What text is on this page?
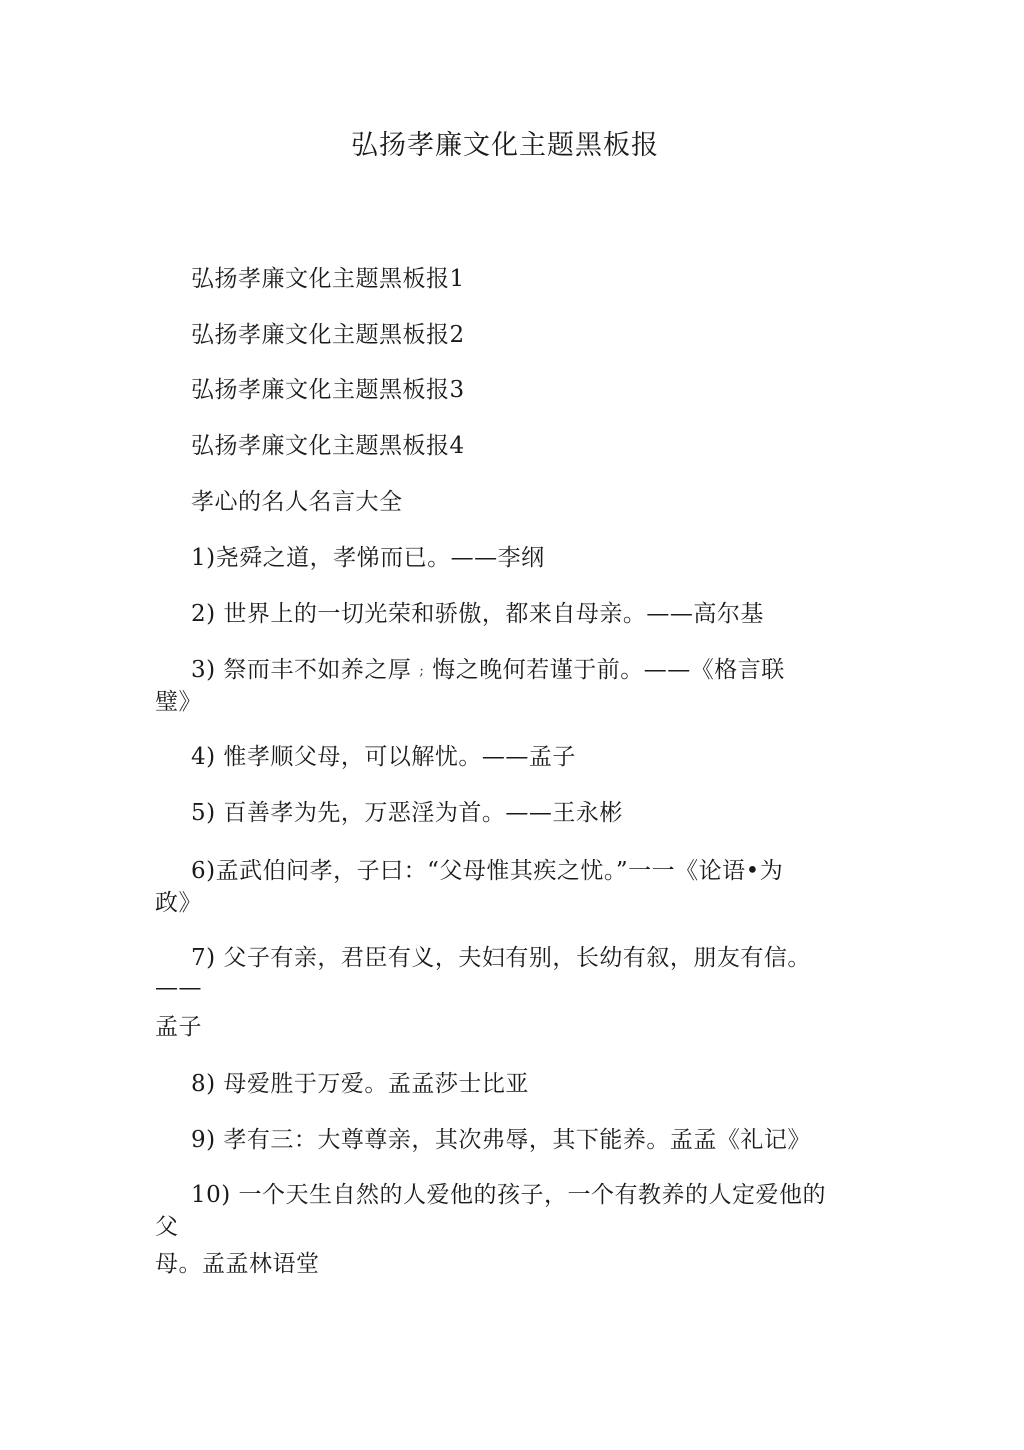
弘扬孝廉文化主题黑板报
弘扬孝廉文化主题黑板报1
弘扬孝廉文化主题黑板报2
弘扬孝廉文化主题黑板报3
弘扬孝廉文化主题黑板报4
孝心的名人名言大全
1)尧舜之道，孝悌而已。——李纲
2) 世界上的一切光荣和骄傲，都来自母亲。——高尔基
3) 祭而丰不如养之厚 ; 悔之晚何若谨于前。——《格言联
璧》
4) 惟孝顺父母，可以解忧。——孟子
5) 百善孝为先，万恶淫为首。——王永彬
6)孟武伯问孝，子曰：“父母惟其疾之忧。”一一《论语•为
政》
7) 父子有亲，君臣有义，夫妇有别，长幼有叙，朋友有信。
——
孟子
8) 母爱胜于万爱。孟孟莎士比亚
9) 孝有三：大尊尊亲，其次弗辱，其下能养。孟孟《礼记》
10) 一个天生自然的人爱他的孩子，一个有教养的人定爱他的
父
母。孟孟林语堂
